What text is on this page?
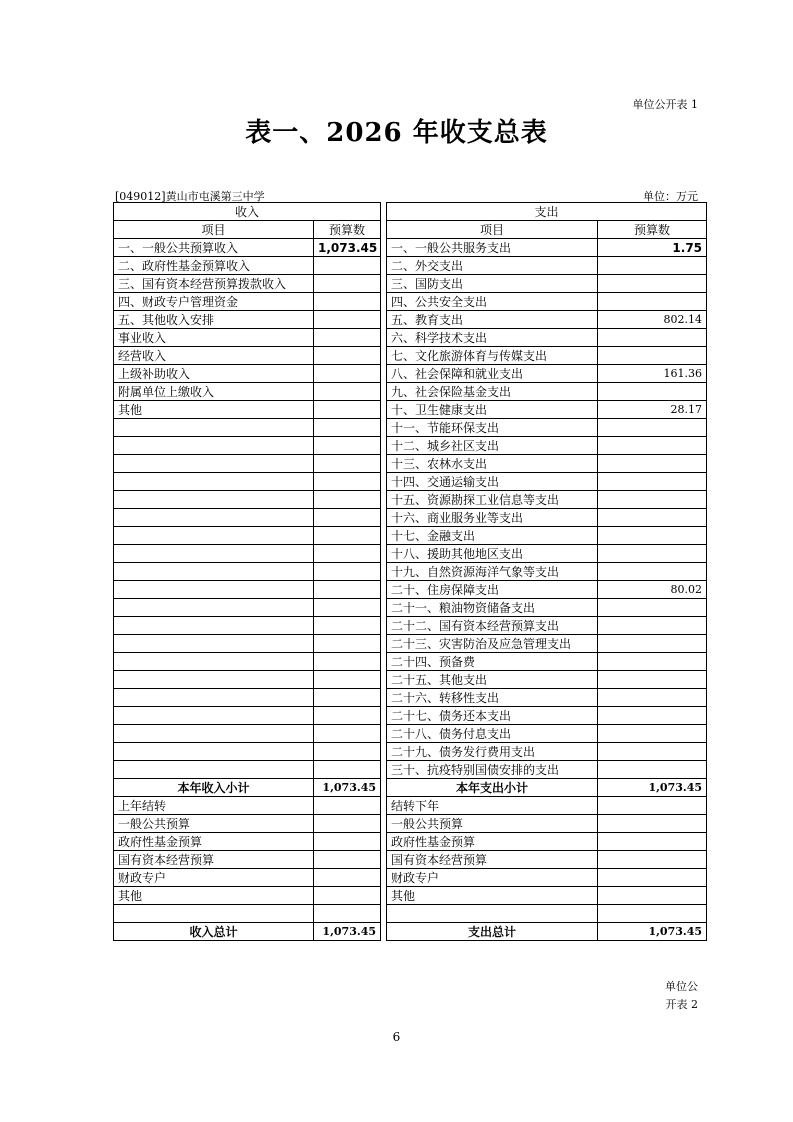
单位公开表 1
表一、2026 年收支总表
[049012]黄山市屯溪第三中学	单位：万元
收入			支出	
项目	预算数		项目	预算数
一、一般公共预算收入	1,073.45		一、一般公共服务支出	1.75
二、政府性基金预算收入			二、外交支出	
三、国有资本经营预算拨款收入			三、国防支出	
四、财政专户管理资金			四、公共安全支出	
五、其他收入安排			五、教育支出	802.14
事业收入			六、科学技术支出	
经营收入			七、文化旅游体育与传媒支出	
上级补助收入			八、社会保障和就业支出	161.36
附属单位上缴收入			九、社会保险基金支出	
其他			十、卫生健康支出	28.17
			十一、节能环保支出	
			十二、城乡社区支出	
			十三、农林水支出	
			十四、交通运输支出	
			十五、资源勘探工业信息等支出	
			十六、商业服务业等支出	
			十七、金融支出	
			十八、援助其他地区支出	
			十九、自然资源海洋气象等支出	
			二十、住房保障支出	80.02
			二十一、粮油物资储备支出	
			二十二、国有资本经营预算支出	
			二十三、灾害防治及应急管理支出	
			二十四、预备费	
			二十五、其他支出	
			二十六、转移性支出	
			二十七、债务还本支出	
			二十八、债务付息支出	
			二十九、债务发行费用支出	
			三十、抗疫特别国债安排的支出	
本年收入小计	1,073.45		本年支出小计	1,073.45
上年结转			结转下年	
一般公共预算			一般公共预算	
政府性基金预算			政府性基金预算	
国有资本经营预算			国有资本经营预算	
财政专户			财政专户	
其他			其他	

收入总计	1,073.45		支出总计	1,073.45
单位公
开表 2
6
